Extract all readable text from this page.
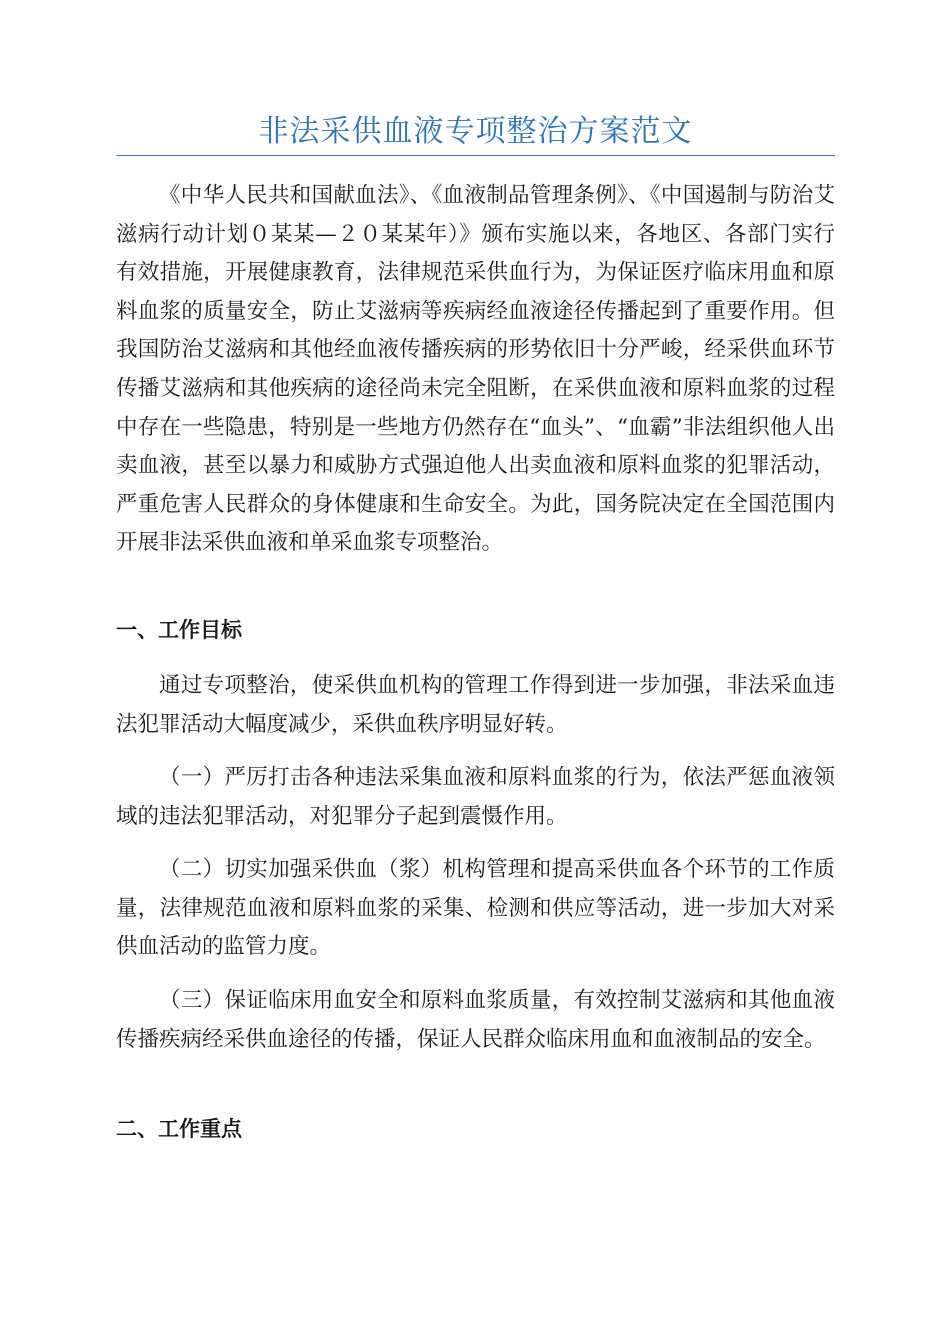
非法采供血液专项整治方案范文

《中华人民共和国献血法》、《血液制品管理条例》、《中国遏制与防治艾滋病行动计划０某某—２０某某年）》颁布实施以来，各地区、各部门实行有效措施，开展健康教育，法律规范采供血行为，为保证医疗临床用血和原料血浆的质量安全，防止艾滋病等疾病经血液途径传播起到了重要作用。但我国防治艾滋病和其他经血液传播疾病的形势依旧十分严峻，经采供血环节传播艾滋病和其他疾病的途径尚未完全阻断，在采供血液和原料血浆的过程中存在一些隐患，特别是一些地方仍然存在“血头”、“血霸”非法组织他人出卖血液，甚至以暴力和威胁方式强迫他人出卖血液和原料血浆的犯罪活动，严重危害人民群众的身体健康和生命安全。为此，国务院决定在全国范围内开展非法采供血液和单采血浆专项整治。

一、工作目标

通过专项整治，使采供血机构的管理工作得到进一步加强，非法采血违法犯罪活动大幅度减少，采供血秩序明显好转。

（一）严厉打击各种违法采集血液和原料血浆的行为，依法严惩血液领域的违法犯罪活动，对犯罪分子起到震慑作用。

（二）切实加强采供血（浆）机构管理和提高采供血各个环节的工作质量，法律规范血液和原料血浆的采集、检测和供应等活动，进一步加大对采供血活动的监管力度。

（三）保证临床用血安全和原料血浆质量，有效控制艾滋病和其他血液传播疾病经采供血途径的传播，保证人民群众临床用血和血液制品的安全。

二、工作重点
